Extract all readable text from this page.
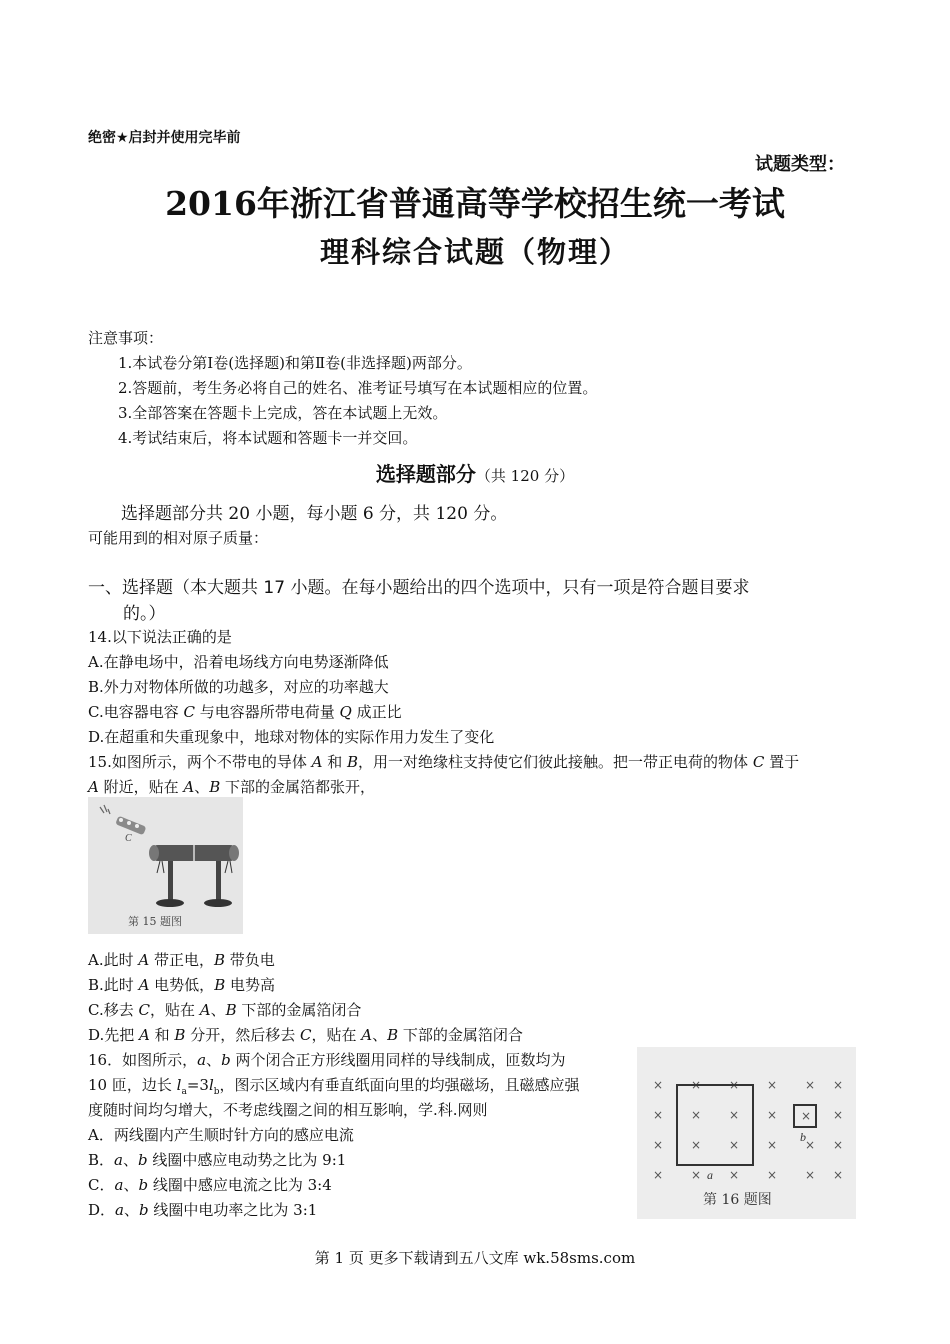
绝密★启封并使用完毕前
试题类型：
2016年浙江省普通高等学校招生统一考试
理科综合试题（物理）
注意事项：
1.本试卷分第Ⅰ卷(选择题)和第Ⅱ卷(非选择题)两部分。
2.答题前，考生务必将自己的姓名、准考证号填写在本试题相应的位置。
3.全部答案在答题卡上完成，答在本试题上无效。
4.考试结束后，将本试题和答题卡一并交回。
选择题部分（共 120 分）
选择题部分共 20 小题，每小题 6 分，共 120 分。
可能用到的相对原子质量：
一、选择题（本大题共 17 小题。在每小题给出的四个选项中，只有一项是符合题目要求
的。）
14.以下说法正确的是
A.在静电场中，沿着电场线方向电势逐渐降低
B.外力对物体所做的功越多，对应的功率越大
C.电容器电容 C 与电容器所带电荷量 Q 成正比
D.在超重和失重现象中，地球对物体的实际作用力发生了变化
15.如图所示，两个不带电的导体 A 和 B，用一对绝缘柱支持使它们彼此接触。把一带正电荷的物体 C 置于
A 附近，贴在 A、B 下部的金属箔都张开，
C
第 15 题图
A.此时 A 带正电，B 带负电
B.此时 A 电势低，B 电势高
C.移去 C，贴在 A、B 下部的金属箔闭合
D.先把 A 和 B 分开，然后移去 C，贴在 A、B 下部的金属箔闭合
16．如图所示，a、b 两个闭合正方形线圈用同样的导线制成，匝数均为
10 匝，边长 $l_a=3l_b$，图示区域内有垂直纸面向里的均强磁场，且磁感应强
度随时间均匀增大，不考虑线圈之间的相互影响，学.科.网则
A．两线圈内产生顺时针方向的感应电流
B．a、b 线圈中感应电动势之比为 9:1
C．a、b 线圈中感应电流之比为 3:4
D．a、b 线圈中电功率之比为 3:1
× × × × × ×
× × × ×	×
× × × × × ×
× × × × × ×
×
a
b
第 16 题图
第 1 页 更多下载请到五八文库 wk.58sms.com
